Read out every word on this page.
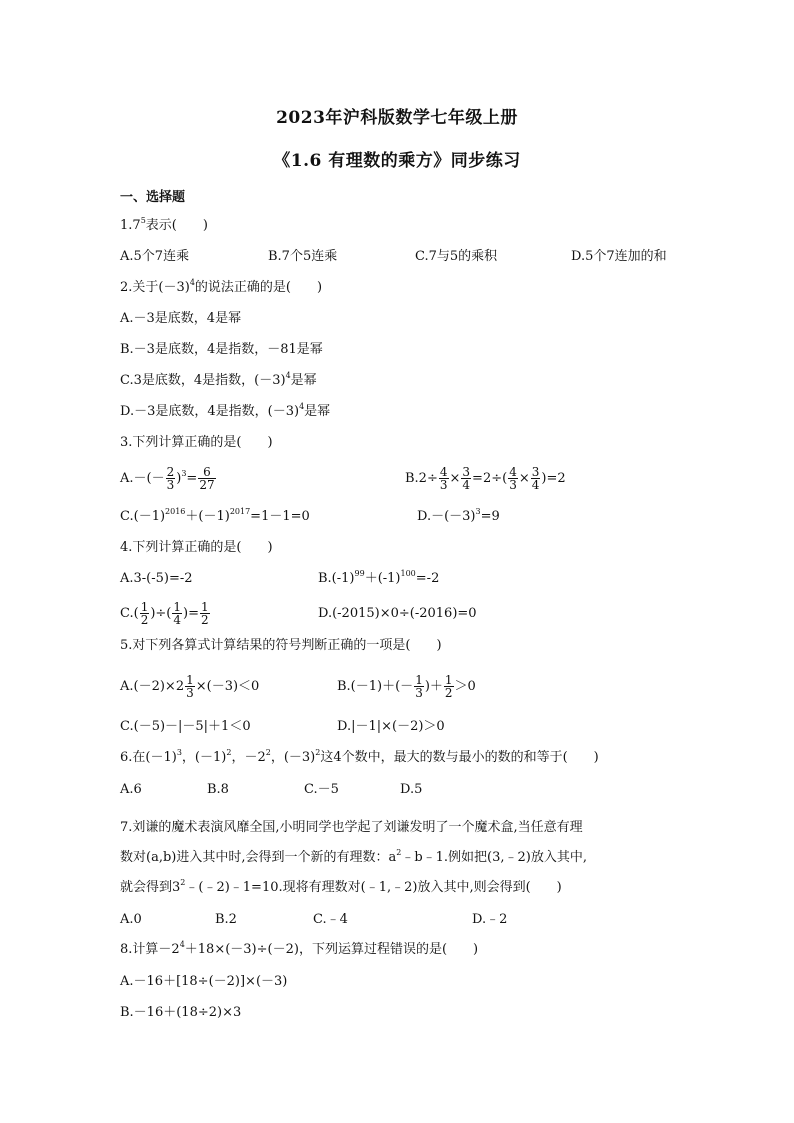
2023年沪科版数学七年级上册
《1.6 有理数的乘方》同步练习
一、选择题
$1.7^5$表示(　　)
A.5个7连乘	B.7个5连乘	C.7与5的乘积	D.5个7连加的和
2.关于$(-3)^4$的说法正确的是(　　)
A.－3是底数，4是幂
B.－3是底数，4是指数，－81是幂
C.3是底数，4是指数，$(-3)^4$是幂
D.－3是底数，4是指数，$(-3)^4$是幂
3.下列计算正确的是(　　)
$A.-(- \frac{2}{3} )^3= \frac{6}{27}$	$B.2\div \frac{4}{3} \times \frac{3}{4} =2\div( \frac{4}{3} \times \frac{3}{4} )=2$
$C.(-1)^{2016}+(-1)^{2017}=1-1=0$	$D.-(-3)^3=9$
4.下列计算正确的是(　　)
A.3-(-5)=-2	$B.(-1)^{99}+(-1)^{100}=-2$
$C.( \frac{1}{2}$ )÷( $\frac{1}{4}$ )= $\frac{1}{2}$	D.(-2015)×0÷(-2016)=0
5.对下列各算式计算结果的符号判断正确的一项是(　　)
$A.(-2)\times 2 \frac{1}{3} \times(-3)<0$	$B.(-1)+(- \frac{1}{3}$ )＋ $\frac{1}{2} >0$
C.(－5)－|－5|＋1＜0	D.|－1|×(－2)＞0
6.在$(-1)^3$，$(-1)^2$，$-2^2$，$(-3)^2$这4个数中，最大的数与最小的数的和等于(　　)
A.6	B.8	C.－5	D.5
7.刘谦的魔术表演风靡全国,小明同学也学起了刘谦发明了一个魔术盒,当任意有理
数对(a,b)进入其中时,会得到一个新的有理数：$a^2﹣b﹣1$.例如把(3,﹣2)放入其中,
就会得到$3^2﹣(﹣2)﹣1=10$.现将有理数对(﹣1,﹣2)放入其中,则会得到(　　)
A.0	B.2	C.﹣4	D.﹣2
8.计算$-2^4+18\times(-3)\div(-2)$，下列运算过程错误的是(　　)
A.－16＋[18÷(－2)]×(－3)
B.－16＋(18÷2)×3
